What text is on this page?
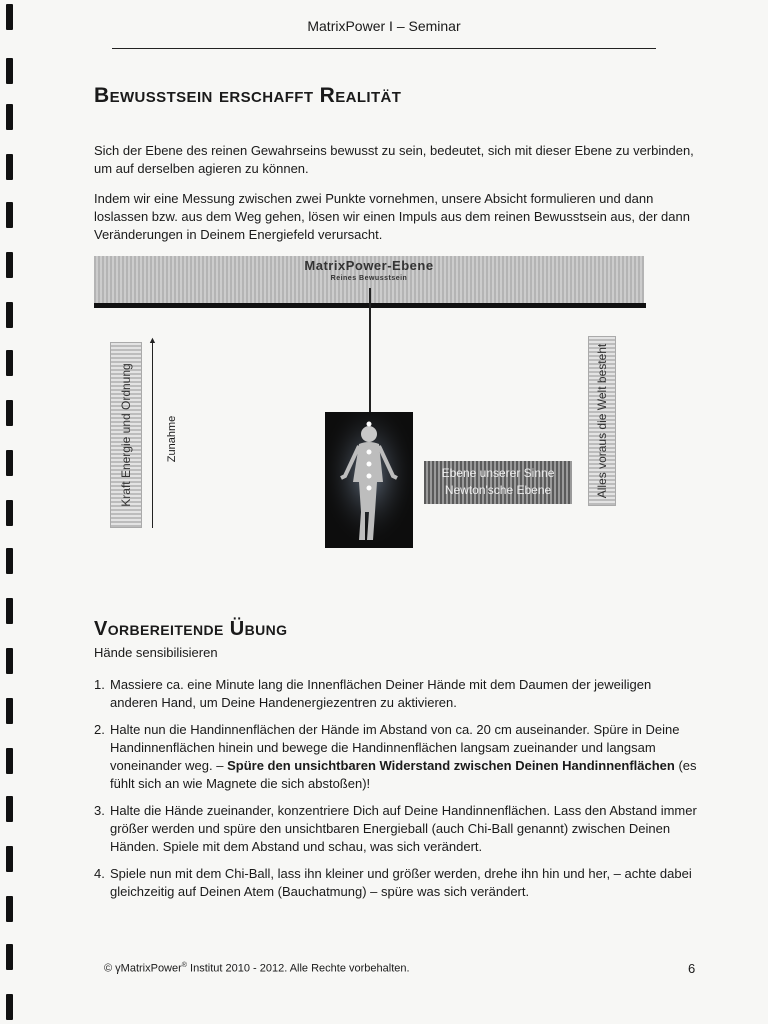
MatrixPower I – Seminar
Bewusstsein erschafft Realität

Sich der Ebene des reinen Gewahrseins bewusst zu sein, bedeutet, sich mit dieser Ebene zu verbinden, um auf derselben agieren zu können.

Indem wir eine Messung zwischen zwei Punkte vornehmen, unsere Absicht formulieren und dann loslassen bzw. aus dem Weg gehen, lösen wir einen Impuls aus dem reinen Bewusstsein aus, der dann Veränderungen in Deinem Energiefeld verursacht.

MatrixPower-Ebene
Reines Bewusstsein
Kraft Energie und Ordnung
▲
Zunahme
Ebene unserer Sinne
Newton'sche Ebene	Alles voraus die Welt besteht
Vorbereitende Übung

Hände sensibilisieren

1. Massiere ca. eine Minute lang die Innenflächen Deiner Hände mit dem Daumen der jeweiligen anderen Hand, um Deine Handenergiezentren zu aktivieren.
2. Halte nun die Handinnenflächen der Hände im Abstand von ca. 20 cm auseinander. Spüre in Deine Handinnenflächen hinein und bewege die Handinnenflächen langsam zueinander und langsam voneinander weg. – Spüre den unsichtbaren Widerstand zwischen Deinen Handinnenflächen (es fühlt sich an wie Magnete die sich abstoßen)!
3. Halte die Hände zueinander, konzentriere Dich auf Deine Handinnenflächen. Lass den Abstand immer größer werden und spüre den unsichtbaren Energieball (auch Chi-Ball genannt) zwischen Deinen Händen. Spiele mit dem Abstand und schau, was sich verändert.
4. Spiele nun mit dem Chi-Ball, lass ihn kleiner und größer werden, drehe ihn hin und her, – achte dabei gleichzeitig auf Deinen Atem (Bauchatmung) – spüre was sich verändert.
© γMatrixPower® Institut 2010 - 2012. Alle Rechte vorbehalten.	6
